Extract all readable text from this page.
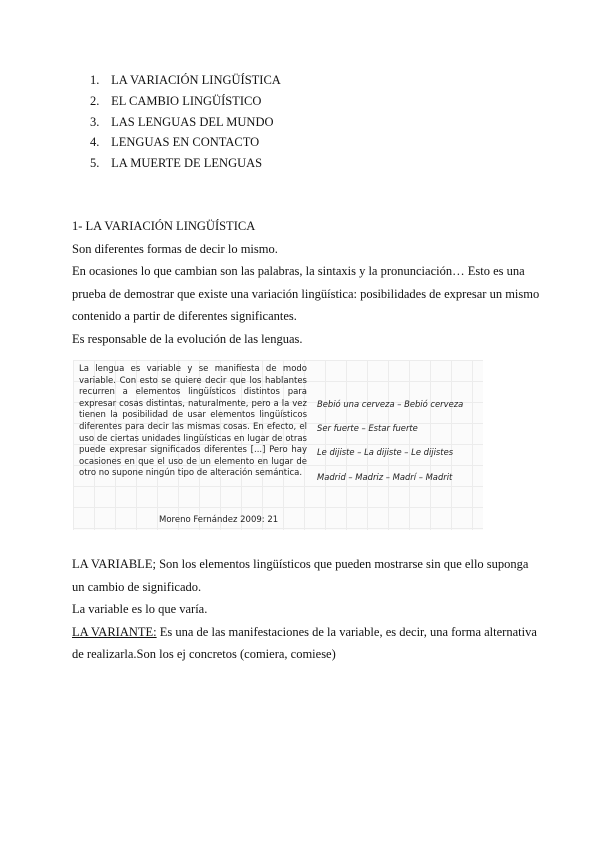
1. LA VARIACIÓN LINGÜÍSTICA
2. EL CAMBIO LINGÜÍSTICO
3. LAS LENGUAS DEL MUNDO
4. LENGUAS EN CONTACTO
5. LA MUERTE DE LENGUAS
1- LA VARIACIÓN LINGÜÍSTICA
Son diferentes formas de decir lo mismo.
En ocasiones lo que cambian son las palabras, la sintaxis y la pronunciación… Esto es una
prueba de demostrar que existe una variación lingüística: posibilidades de expresar un mismo
contenido a partir de diferentes significantes.
Es responsable de la evolución de las lenguas.
La lengua es variable y se manifiesta de modo variable. Con esto se quiere decir que los hablantes recurren a elementos lingüísticos distintos para expresar cosas distintas, naturalmente, pero a la vez tienen la posibilidad de usar elementos lingüísticos diferentes para decir las mismas cosas. En efecto, el uso de ciertas unidades lingüísticas en lugar de otras puede expresar significados diferentes [...] Pero hay ocasiones en que el uso de un elemento en lugar de otro no supone ningún tipo de alteración semántica.
Moreno Fernández 2009: 21
Bebió una cerveza – Bebió cerveza
Ser fuerte – Estar fuerte
Le dijiste – La dijiste – Le dijistes
Madrid – Madriz – Madrí – Madrit
LA VARIABLE; Son los elementos lingüísticos que pueden mostrarse sin que ello suponga
un cambio de significado.
La variable es lo que varía.
LA VARIANTE: Es una de las manifestaciones de la variable, es decir, una forma alternativa
de realizarla.Son los ej concretos (comiera, comiese)
